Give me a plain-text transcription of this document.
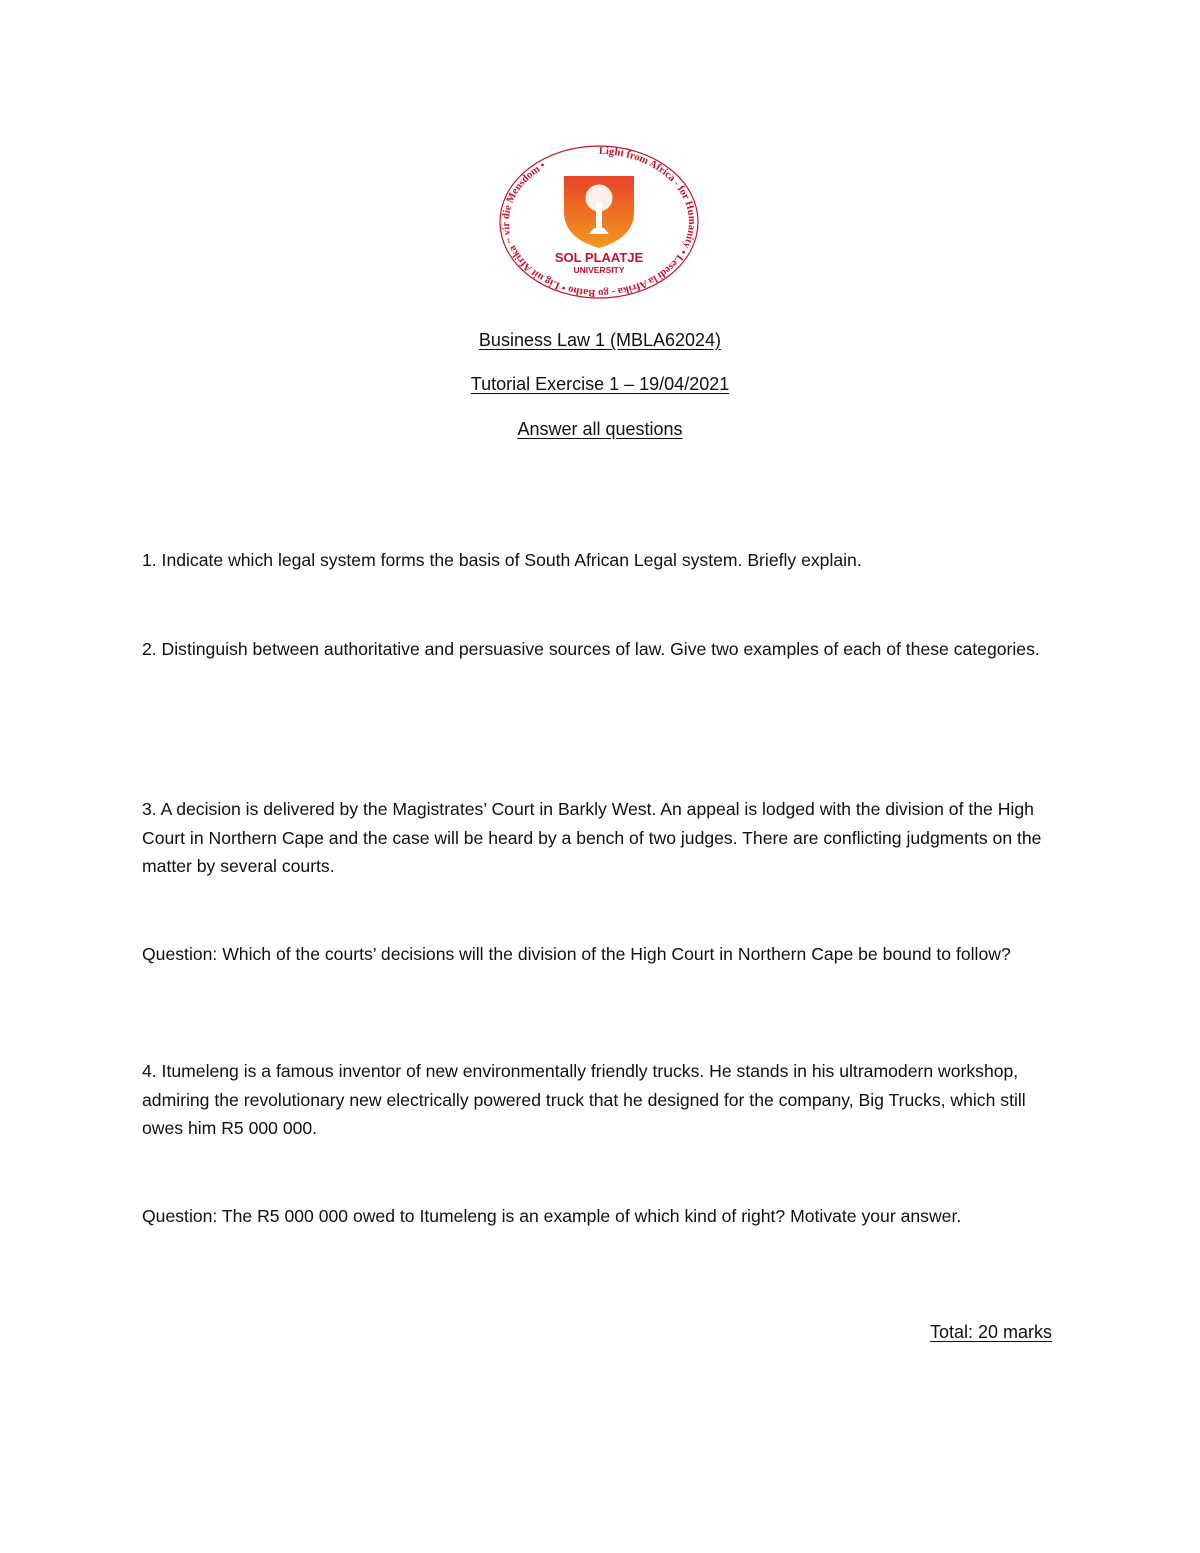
Light from Africa - for Humanity • Lesedi la Afrika - go Batho • Lig uit Afrika ~ vir die Mensdom •
SOL PLAATJE
UNIVERSITY
Business Law 1 (MBLA62024)
Tutorial Exercise 1 – 19/04/2021
Answer all questions
1. Indicate which legal system forms the basis of South African Legal system. Briefly explain.
2. Distinguish between authoritative and persuasive sources of law. Give two examples of each of these categories.
3. A decision is delivered by the Magistrates’ Court in Barkly West. An appeal is lodged with the division of the High Court in Northern Cape and the case will be heard by a bench of two judges. There are conflicting judgments on the matter by several courts.
Question: Which of the courts’ decisions will the division of the High Court in Northern Cape be bound to follow?
4. Itumeleng is a famous inventor of new environmentally friendly trucks. He stands in his ultramodern workshop, admiring the revolutionary new electrically powered truck that he designed for the company, Big Trucks, which still owes him R5 000 000.
Question: The R5 000 000 owed to Itumeleng is an example of which kind of right? Motivate your answer.
Total: 20 marks
